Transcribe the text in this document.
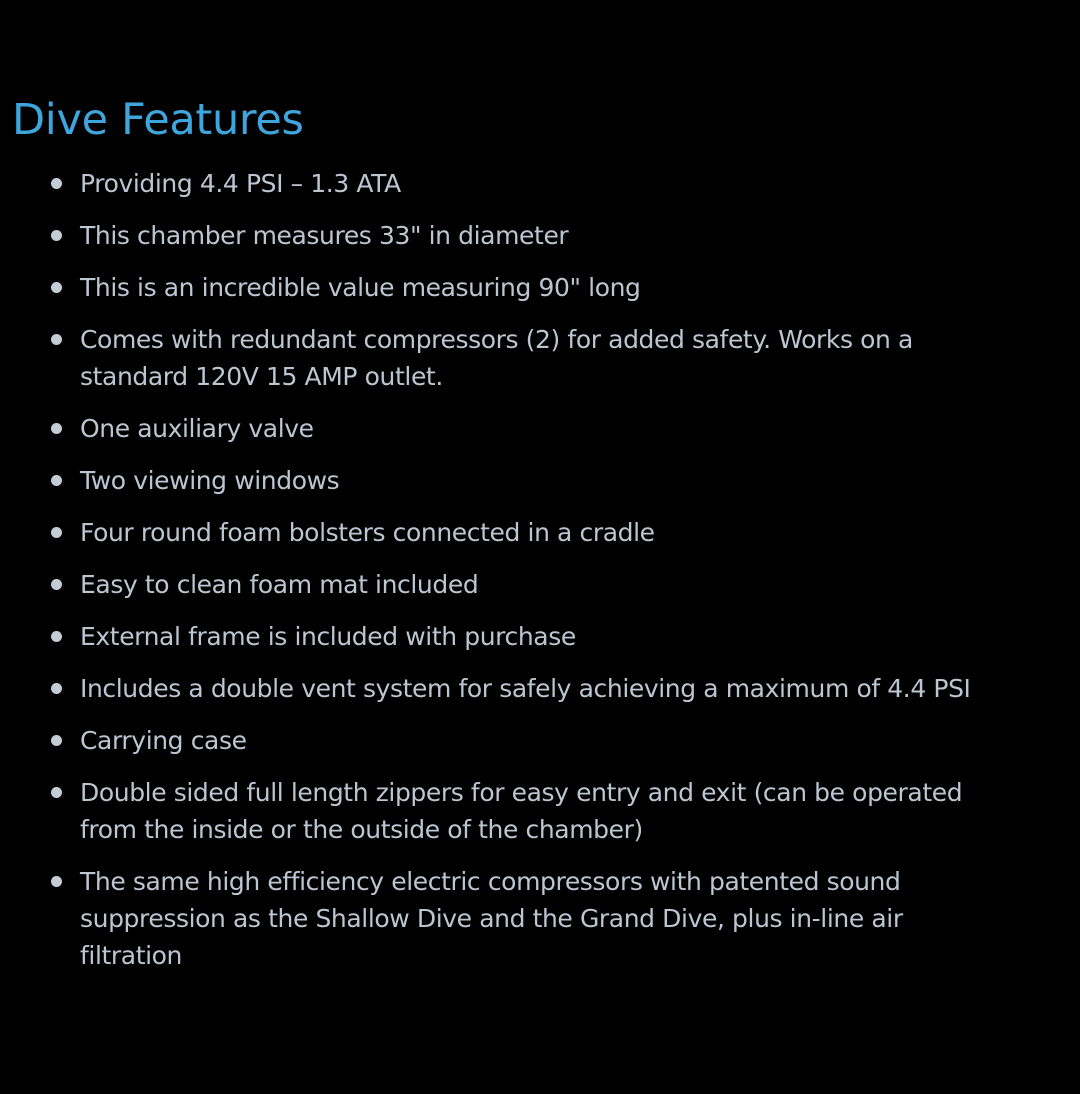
Dive Features
Providing 4.4 PSI – 1.3 ATA
This chamber measures 33" in diameter
This is an incredible value measuring 90" long
Comes with redundant compressors (2) for added safety. Works on a standard 120V 15 AMP outlet.
One auxiliary valve
Two viewing windows
Four round foam bolsters connected in a cradle
Easy to clean foam mat included
External frame is included with purchase
Includes a double vent system for safely achieving a maximum of 4.4 PSI
Carrying case
Double sided full length zippers for easy entry and exit (can be operated from the inside or the outside of the chamber)
The same high efficiency electric compressors with patented sound suppression as the Shallow Dive and the Grand Dive, plus in-line air filtration
